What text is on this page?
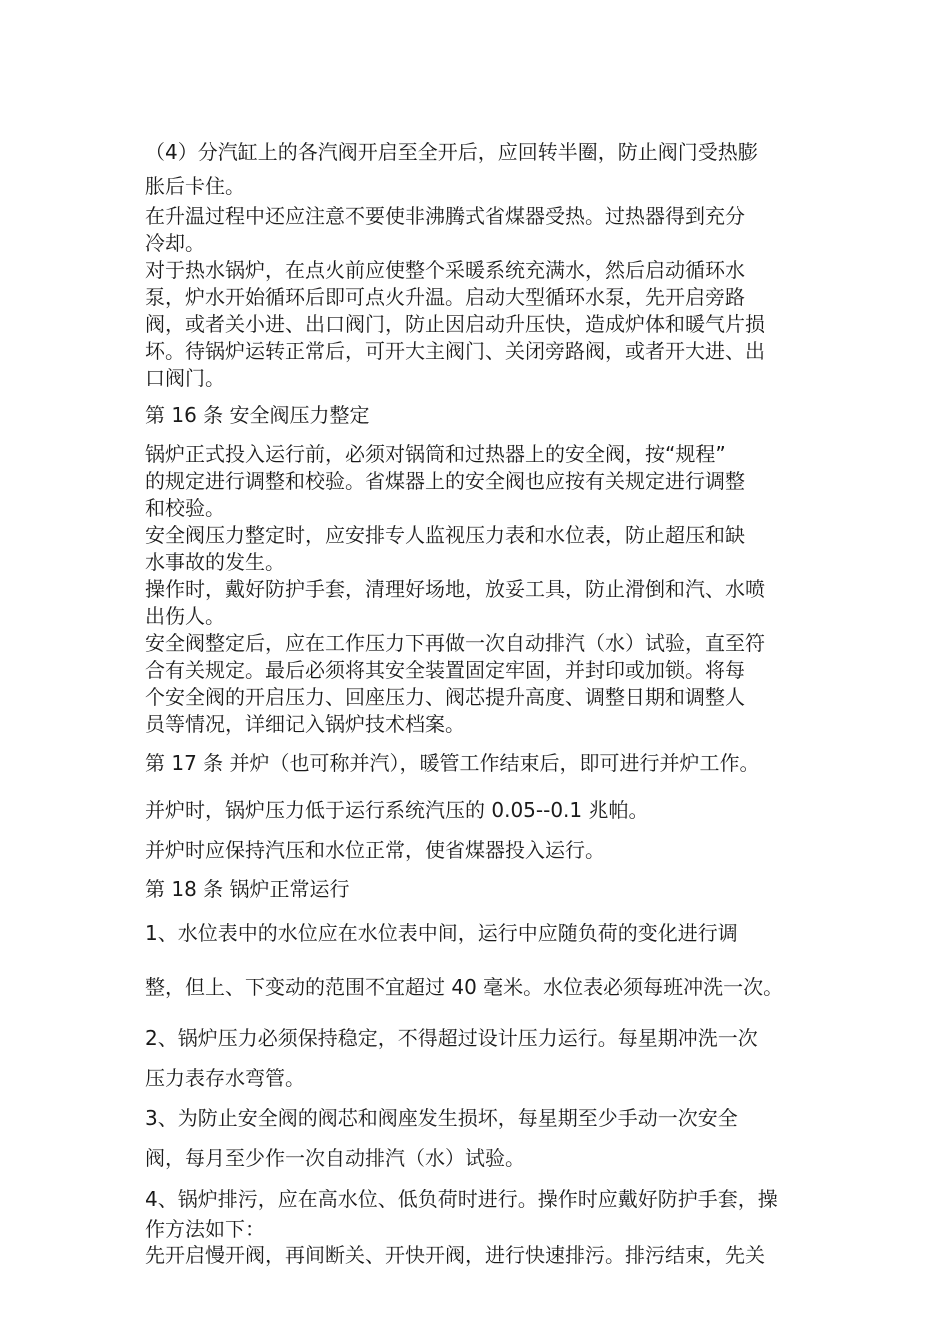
（4）分汽缸上的各汽阀开启至全开后，应回转半圈，防止阀门受热膨
胀后卡住。
在升温过程中还应注意不要使非沸腾式省煤器受热。过热器得到充分
冷却。
对于热水锅炉，在点火前应使整个采暖系统充满水，然后启动循环水
泵，炉水开始循环后即可点火升温。启动大型循环水泵，先开启旁路
阀，或者关小进、出口阀门，防止因启动升压快，造成炉体和暖气片损
坏。待锅炉运转正常后，可开大主阀门、关闭旁路阀，或者开大进、出
口阀门。
第 16 条 安全阀压力整定
锅炉正式投入运行前，必须对锅筒和过热器上的安全阀，按“规程”
的规定进行调整和校验。省煤器上的安全阀也应按有关规定进行调整
和校验。
安全阀压力整定时，应安排专人监视压力表和水位表，防止超压和缺
水事故的发生。
操作时，戴好防护手套，清理好场地，放妥工具，防止滑倒和汽、水喷
出伤人。
安全阀整定后，应在工作压力下再做一次自动排汽（水）试验，直至符
合有关规定。最后必须将其安全装置固定牢固，并封印或加锁。将每
个安全阀的开启压力、回座压力、阀芯提升高度、调整日期和调整人
员等情况，详细记入锅炉技术档案。
第 17 条 并炉（也可称并汽），暖管工作结束后，即可进行并炉工作。
并炉时，锅炉压力低于运行系统汽压的 0.05--0.1 兆帕。
并炉时应保持汽压和水位正常，使省煤器投入运行。
第 18 条 锅炉正常运行
1、水位表中的水位应在水位表中间，运行中应随负荷的变化进行调
整，但上、下变动的范围不宜超过 40 毫米。水位表必须每班冲洗一次。
2、锅炉压力必须保持稳定，不得超过设计压力运行。每星期冲洗一次
压力表存水弯管。
3、为防止安全阀的阀芯和阀座发生损坏，每星期至少手动一次安全
阀，每月至少作一次自动排汽（水）试验。
4、锅炉排污，应在高水位、低负荷时进行。操作时应戴好防护手套，操
作方法如下：
先开启慢开阀，再间断关、开快开阀，进行快速排污。排污结束，先关
